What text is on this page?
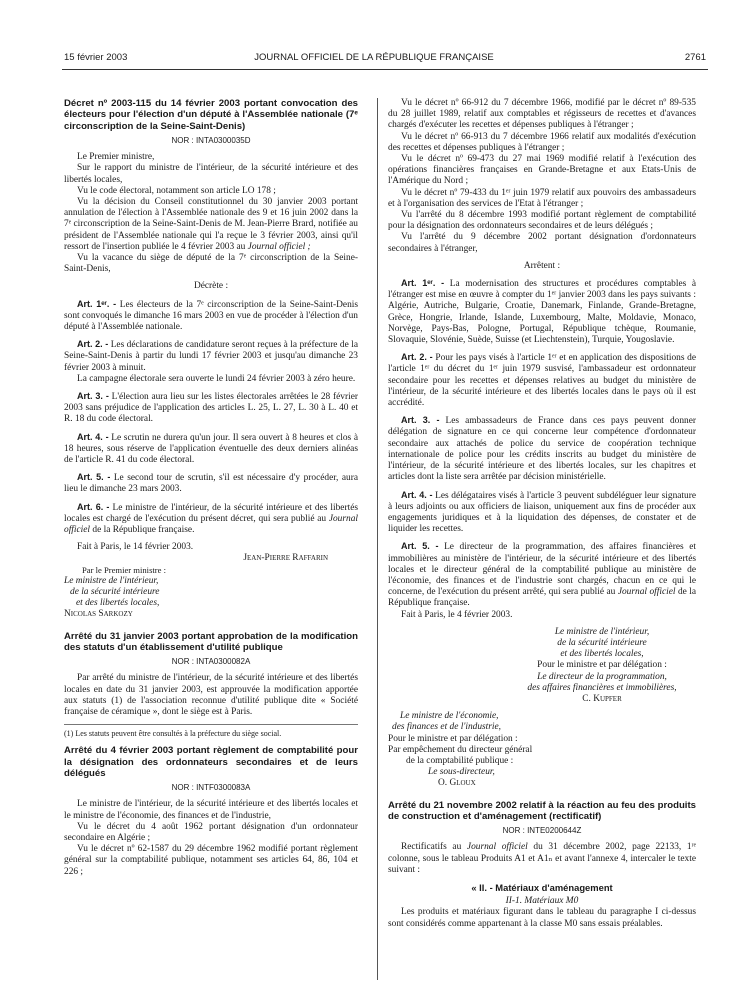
15 février 2003	JOURNAL OFFICIEL DE LA RÉPUBLIQUE FRANÇAISE	2761
Décret nº 2003-115 du 14 février 2003 portant convocation des électeurs pour l'élection d'un député à l'Assemblée nationale (7ᵉ circonscription de la Seine-Saint-Denis)
NOR : INTA0300035D

Le Premier ministre,

Sur le rapport du ministre de l'intérieur, de la sécurité intérieure et des libertés locales,

Vu le code électoral, notamment son article LO 178 ;

Vu la décision du Conseil constitutionnel du 30 janvier 2003 portant annulation de l'élection à l'Assemblée nationale des 9 et 16 juin 2002 dans la 7ᵉ circonscription de la Seine-Saint-Denis de M. Jean-Pierre Brard, notifiée au président de l'Assemblée nationale qui l'a reçue le 3 février 2003, ainsi qu'il ressort de l'insertion publiée le 4 février 2003 au Journal officiel ;

Vu la vacance du siège de député de la 7ᵉ circonscription de la Seine-Saint-Denis,

Décrète :

Art. 1ᵉʳ. - Les électeurs de la 7ᵉ circonscription de la Seine-Saint-Denis sont convoqués le dimanche 16 mars 2003 en vue de procéder à l'élection d'un député à l'Assemblée nationale.

Art. 2. - Les déclarations de candidature seront reçues à la préfecture de la Seine-Saint-Denis à partir du lundi 17 février 2003 et jusqu'au dimanche 23 février 2003 à minuit.

La campagne électorale sera ouverte le lundi 24 février 2003 à zéro heure.

Art. 3. - L'élection aura lieu sur les listes électorales arrêtées le 28 février 2003 sans préjudice de l'application des articles L. 25, L. 27, L. 30 à L. 40 et R. 18 du code électoral.

Art. 4. - Le scrutin ne durera qu'un jour. Il sera ouvert à 8 heures et clos à 18 heures, sous réserve de l'application éventuelle des deux derniers alinéas de l'article R. 41 du code électoral.

Art. 5. - Le second tour de scrutin, s'il est nécessaire d'y procéder, aura lieu le dimanche 23 mars 2003.

Art. 6. - Le ministre de l'intérieur, de la sécurité intérieure et des libertés locales est chargé de l'exécution du présent décret, qui sera publié au Journal officiel de la République française.

Fait à Paris, le 14 février 2003.

Jean-Pierre Raffarin

Par le Premier ministre :

Le ministre de l'intérieur,

de la sécurité intérieure

et des libertés locales,

Nicolas Sarkozy

Arrêté du 31 janvier 2003 portant approbation de la modification des statuts d'un établissement d'utilité publique
NOR : INTA0300082A

Par arrêté du ministre de l'intérieur, de la sécurité intérieure et des libertés locales en date du 31 janvier 2003, est approuvée la modification apportée aux statuts (1) de l'association reconnue d'utilité publique dite « Société française de céramique », dont le siège est à Paris.

(1) Les statuts peuvent être consultés à la préfecture du siège social.
Arrêté du 4 février 2003 portant règlement de comptabilité pour la désignation des ordonnateurs secondaires et de leurs délégués
NOR : INTF0300083A

Le ministre de l'intérieur, de la sécurité intérieure et des libertés locales et le ministre de l'économie, des finances et de l'industrie,

Vu le décret du 4 août 1962 portant désignation d'un ordonnateur secondaire en Algérie ;

Vu le décret nº 62-1587 du 29 décembre 1962 modifié portant règlement général sur la comptabilité publique, notamment ses articles 64, 86, 104 et 226 ;

Vu le décret nº 66-912 du 7 décembre 1966, modifié par le décret nº 89-535 du 28 juillet 1989, relatif aux comptables et régisseurs de recettes et d'avances chargés d'exécuter les recettes et dépenses publiques à l'étranger ;

Vu le décret nº 66-913 du 7 décembre 1966 relatif aux modalités d'exécution des recettes et dépenses publiques à l'étranger ;

Vu le décret nº 69-473 du 27 mai 1969 modifié relatif à l'exécution des opérations financières françaises en Grande-Bretagne et aux Etats-Unis de l'Amérique du Nord ;

Vu le décret nº 79-433 du 1ᵉʳ juin 1979 relatif aux pouvoirs des ambassadeurs et à l'organisation des services de l'Etat à l'étranger ;

Vu l'arrêté du 8 décembre 1993 modifié portant règlement de comptabilité pour la désignation des ordonnateurs secondaires et de leurs délégués ;

Vu l'arrêté du 9 décembre 2002 portant désignation d'ordonnateurs secondaires à l'étranger,

Arrêtent :

Art. 1ᵉʳ. - La modernisation des structures et procédures comptables à l'étranger est mise en œuvre à compter du 1ᵉʳ janvier 2003 dans les pays suivants : Algérie, Autriche, Bulgarie, Croatie, Danemark, Finlande, Grande-Bretagne, Grèce, Hongrie, Irlande, Islande, Luxembourg, Malte, Moldavie, Monaco, Norvège, Pays-Bas, Pologne, Portugal, République tchèque, Roumanie, Slovaquie, Slovénie, Suède, Suisse (et Liechtenstein), Turquie, Yougoslavie.

Art. 2. - Pour les pays visés à l'article 1ᵉʳ et en application des dispositions de l'article 1ᵉʳ du décret du 1ᵉʳ juin 1979 susvisé, l'ambassadeur est ordonnateur secondaire pour les recettes et dépenses relatives au budget du ministère de l'intérieur, de la sécurité intérieure et des libertés locales dans le pays où il est accrédité.

Art. 3. - Les ambassadeurs de France dans ces pays peuvent donner délégation de signature en ce qui concerne leur compétence d'ordonnateur secondaire aux attachés de police du service de coopération technique internationale de police pour les crédits inscrits au budget du ministère de l'intérieur, de la sécurité intérieure et des libertés locales, sur les chapitres et articles dont la liste sera arrêtée par décision ministérielle.

Art. 4. - Les délégataires visés à l'article 3 peuvent subdéléguer leur signature à leurs adjoints ou aux officiers de liaison, uniquement aux fins de procéder aux engagements juridiques et à la liquidation des dépenses, de constater et de liquider les recettes.

Art. 5. - Le directeur de la programmation, des affaires financières et immobilières au ministère de l'intérieur, de la sécurité intérieure et des libertés locales et le directeur général de la comptabilité publique au ministère de l'économie, des finances et de l'industrie sont chargés, chacun en ce qui le concerne, de l'exécution du présent arrêté, qui sera publié au Journal officiel de la République française.

Fait à Paris, le 4 février 2003.

Le ministre de l'intérieur,
de la sécurité intérieure
et des libertés locales,
Pour le ministre et par délégation :
Le directeur de la programmation,
des affaires financières et immobilières,
C. Kupfer
Le ministre de l'économie,
des finances et de l'industrie,
Pour le ministre et par délégation :
Par empêchement du directeur général
de la comptabilité publique :
Le sous-directeur,
O. Gloux
Arrêté du 21 novembre 2002 relatif à la réaction au feu des produits de construction et d'aménagement (rectificatif)
NOR : INTE0200644Z

Rectificatifs au Journal officiel du 31 décembre 2002, page 22133, 1ʳᵉ colonne, sous le tableau Produits A1 et A1ₙ et avant l'annexe 4, intercaler le texte suivant :

« II. - Matériaux d'aménagement

II-1. Matériaux M0

Les produits et matériaux figurant dans le tableau du paragraphe I ci-dessus sont considérés comme appartenant à la classe M0 sans essais préalables.
